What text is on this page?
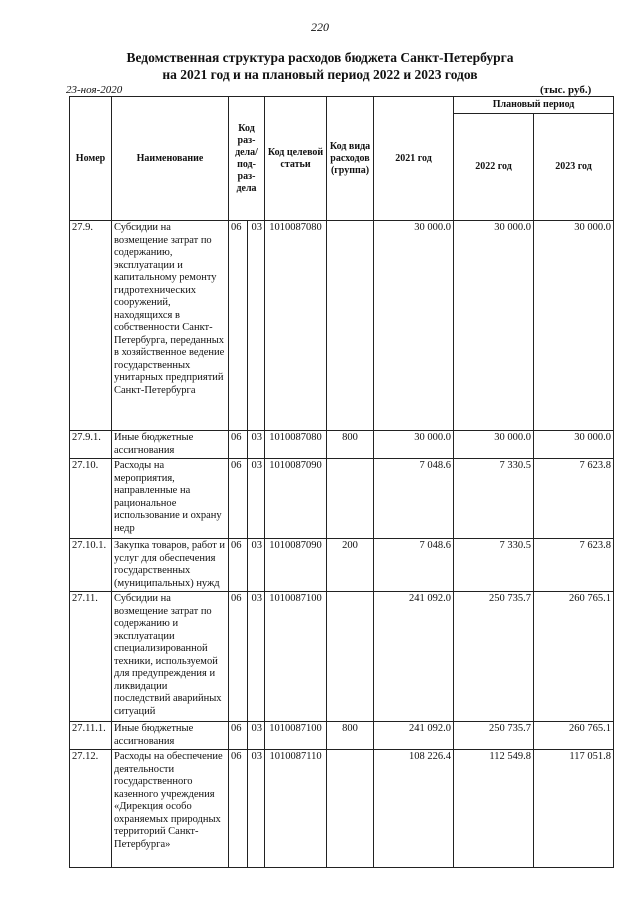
220
Ведомственная структура расходов бюджета Санкт-Петербурга
на 2021 год и на плановый период 2022 и 2023 годов
23-ноя-2020	(тыс. руб.)
Номер	Наименование	Код раз-дела/ под-раз-дела		Код целевой статьи	Код вида расходов (группа)	2021 год	Плановый период	
							2022 год	2023 год
27.9.	Субсидии на возмещение затрат по содержанию, эксплуатации и капитальному ремонту гидротехнических сооружений, находящихся в собственности Санкт-Петербурга, переданных в хозяйственное ведение государственных унитарных предприятий Санкт-Петербурга	06	03	1010087080		30 000.0	30 000.0	30 000.0
27.9.1.	Иные бюджетные ассигнования	06	03	1010087080	800	30 000.0	30 000.0	30 000.0
27.10.	Расходы на мероприятия, направленные на рациональное использование и охрану недр	06	03	1010087090		7 048.6	7 330.5	7 623.8
27.10.1.	Закупка товаров, работ и услуг для обеспечения государственных (муниципальных) нужд	06	03	1010087090	200	7 048.6	7 330.5	7 623.8
27.11.	Субсидии на возмещение затрат по содержанию и эксплуатации специализированной техники, используемой для предупреждения и ликвидации последствий аварийных ситуаций	06	03	1010087100		241 092.0	250 735.7	260 765.1
27.11.1.	Иные бюджетные ассигнования	06	03	1010087100	800	241 092.0	250 735.7	260 765.1
27.12.	Расходы на обеспечение деятельности государственного казенного учреждения «Дирекция особо охраняемых природных территорий Санкт-Петербурга»	06	03	1010087110		108 226.4	112 549.8	117 051.8
